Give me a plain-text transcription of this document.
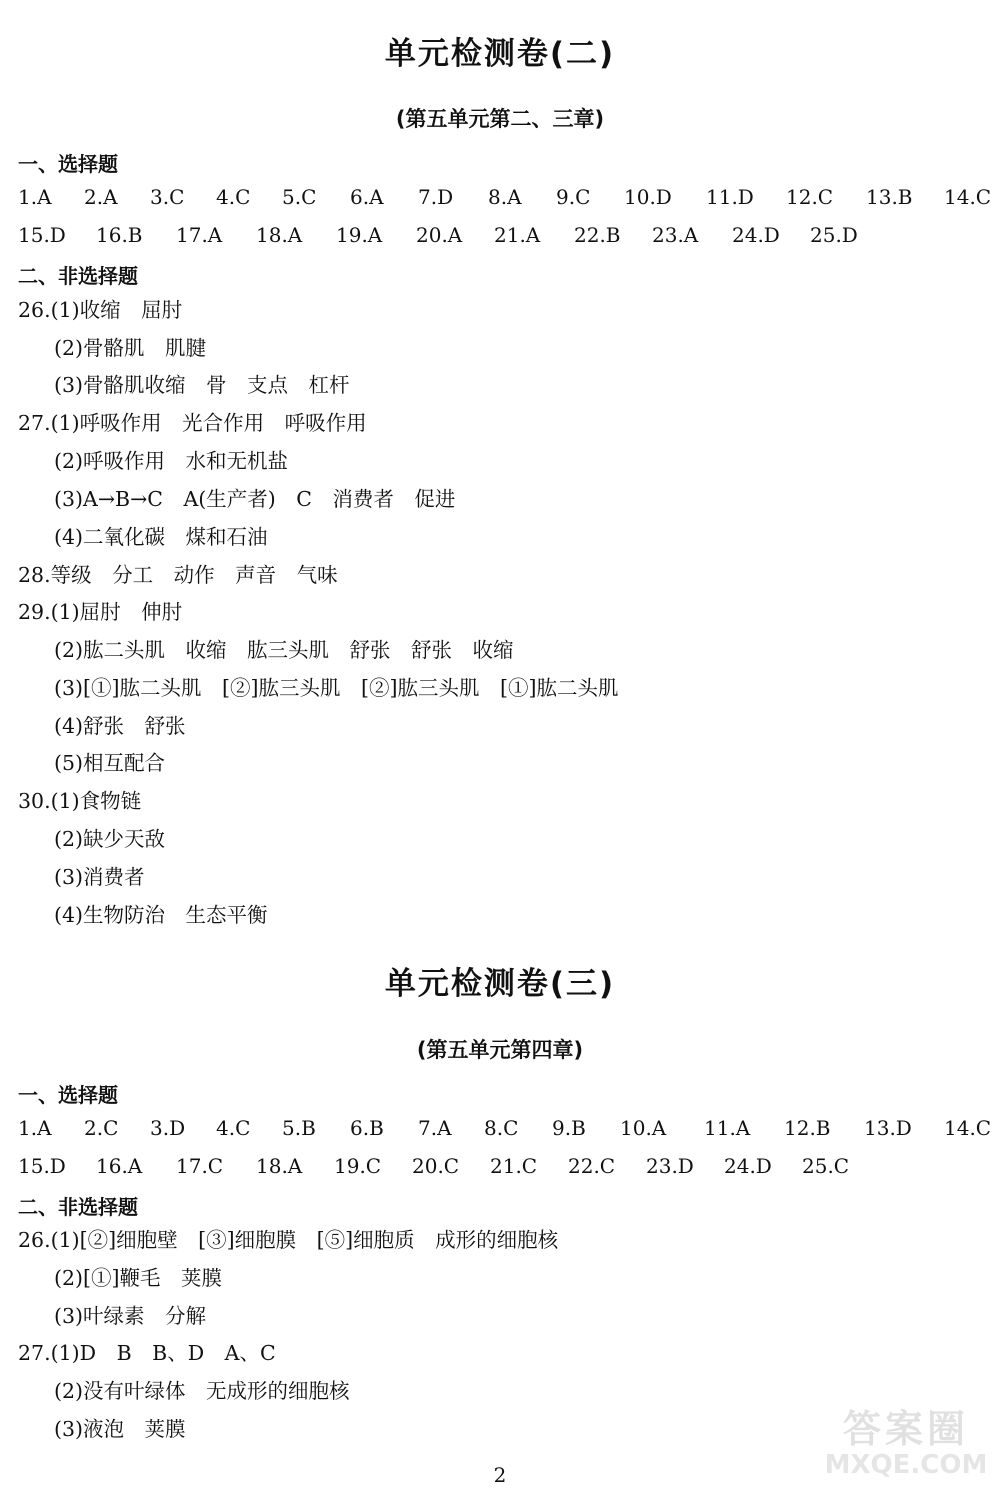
单元检测卷(二)
(第五单元第二、三章)
一、选择题
1.A 2.A 3.C 4.C 5.C 6.A 7.D 8.A 9.C 10.D 11.D 12.C 13.B 14.C
15.D 16.B 17.A 18.A 19.A 20.A 21.A 22.B 23.A 24.D 25.D
二、非选择题
26.(1)收缩　屈肘
(2)骨骼肌　肌腱
(3)骨骼肌收缩　骨　支点　杠杆
27.(1)呼吸作用　光合作用　呼吸作用
(2)呼吸作用　水和无机盐
(3)A→B→C　A(生产者)　C　消费者　促进
(4)二氧化碳　煤和石油
28.等级　分工　动作　声音　气味
29.(1)屈肘　伸肘
(2)肱二头肌　收缩　肱三头肌　舒张　舒张　收缩
(3)[①]肱二头肌　[②]肱三头肌　[②]肱三头肌　[①]肱二头肌
(4)舒张　舒张
(5)相互配合
30.(1)食物链
(2)缺少天敌
(3)消费者
(4)生物防治　生态平衡
单元检测卷(三)
(第五单元第四章)
一、选择题
1.A 2.C 3.D 4.C 5.B 6.B 7.A 8.C 9.B 10.A 11.A 12.B 13.D 14.C
15.D 16.A 17.C 18.A 19.C 20.C 21.C 22.C 23.D 24.D 25.C
二、非选择题
26.(1)[②]细胞壁　[③]细胞膜　[⑤]细胞质　成形的细胞核
(2)[①]鞭毛　荚膜
(3)叶绿素　分解
27.(1)D　B　B、D　A、C
(2)没有叶绿体　无成形的细胞核
(3)液泡　荚膜
2
答案圈
MXQE.COM
